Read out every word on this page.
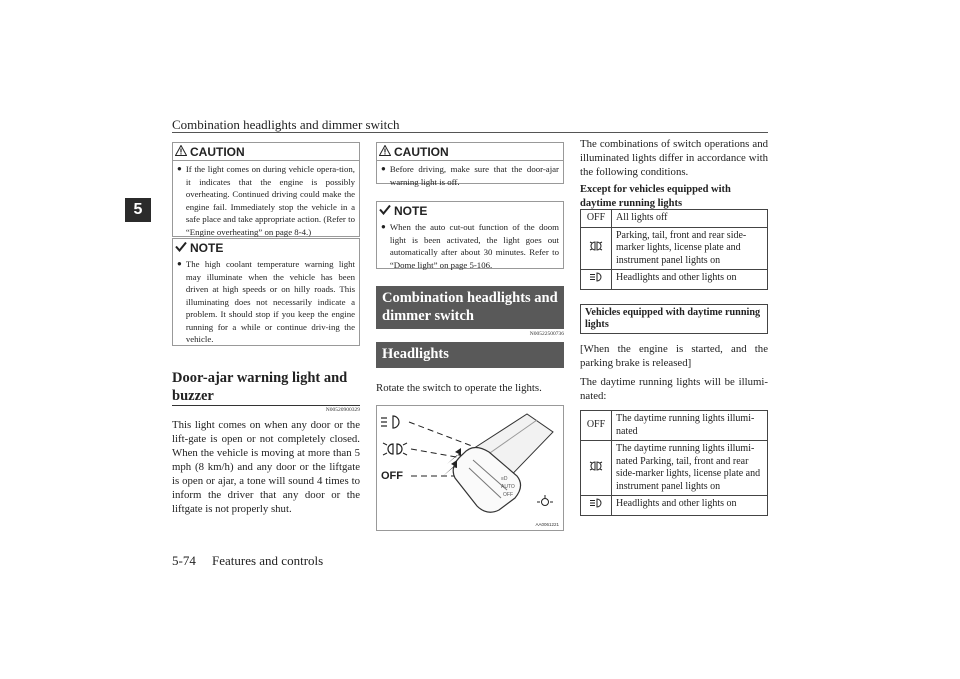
Combination headlights and dimmer switch
5
CAUTION
● If the light comes on during vehicle opera-tion, it indicates that the engine is possibly overheating. Continued driving could make the engine fail. Immediately stop the vehicle in a safe place and take appropriate action. (Refer to “Engine overheating” on page 8-4.)
NOTE
● The high coolant temperature warning light may illuminate when the vehicle has been driven at high speeds or on hilly roads. This illuminating does not necessarily indicate a problem. It should stop if you keep the engine running for a while or continue driv-ing the vehicle.
Door-ajar warning light and buzzer
N00520900329
This light comes on when any door or the lift-gate is open or not completely closed. When the vehicle is moving at more than 5 mph (8 km/h) and any door or the liftgate is open or ajar, a tone will sound 4 times to inform the driver that any door or the liftgate is not properly shut.
CAUTION
● Before driving, make sure that the door-ajar warning light is off.
NOTE
● When the auto cut-out function of the doom light is been activated, the light goes out automatically after about 30 minutes. Refer to “Dome light” on page 5-106.
Combination headlights and dimmer switch
N00522500736
Headlights
Rotate the switch to operate the lights.
OFF	≡D
AUTO
OFF
AA0061221
The combinations of switch operations and illuminated lights differ in accordance with the following conditions.
Except for vehicles equipped with daytime running lights
OFF	All lights off
	Parking, tail, front and rear side-marker lights, license plate and instrument panel lights on
	Headlights and other lights on
Vehicles equipped with daytime running lights
[When the engine is started, and the parking brake is released]
The daytime running lights will be illumi-nated:
OFF	The daytime running lights illumi-nated
	The daytime running lights illumi-nated Parking, tail, front and rear side-marker lights, license plate and instrument panel lights on
	Headlights and other lights on
5-74 Features and controls
